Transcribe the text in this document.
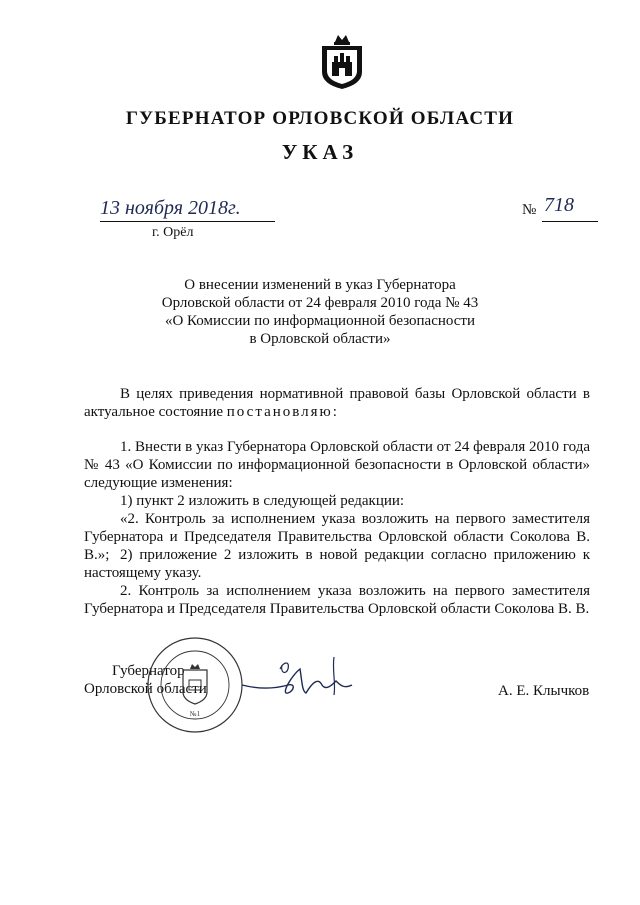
ГУБЕРНАТОР ОРЛОВСКОЙ ОБЛАСТИ
УКАЗ
13 ноября 2018г.
г. Орёл
№ 718
О внесении изменений в указ Губернатора
Орловской области от 24 февраля 2010 года № 43
«О Комиссии по информационной безопасности
в Орловской области»
В целях приведения нормативной правовой базы Орловской области в актуальное состояние постановляю:
1. Внести в указ Губернатора Орловской области от 24 февраля 2010 года № 43 «О Комиссии по информационной безопасности в Орловской области» следующие изменения:
1) пункт 2 изложить в следующей редакции:
«2. Контроль за исполнением указа возложить на первого заместителя Губернатора и Председателя Правительства Орловской области Соколова В. В.»; 2) приложение 2 изложить в новой редакции согласно приложению к настоящему указу.
2. Контроль за исполнением указа возложить на первого заместителя Губернатора и Председателя Правительства Орловской области Соколова В. В.
Губернатор
Орловской области
№1
А. Е. Клычков
